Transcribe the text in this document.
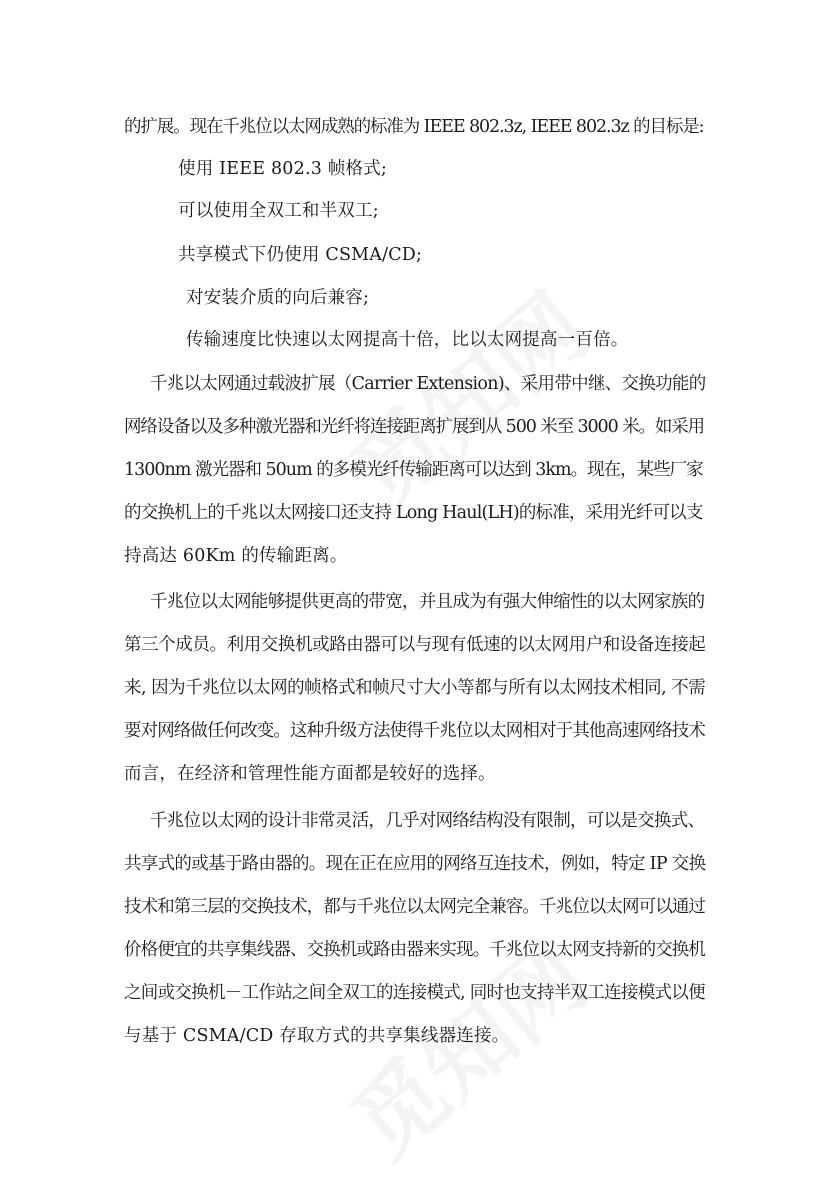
的扩展。现在千兆位以太网成熟的标准为 IEEE 802.3z, IEEE 802.3z 的目标是:

使用 IEEE 802.3 帧格式;

可以使用全双工和半双工;

共享模式下仍使用 CSMA/CD;

对安装介质的向后兼容;

传输速度比快速以太网提高十倍，比以太网提高一百倍。

千兆以太网通过载波扩展（Carrier Extension)、采用带中继、交换功能的

网络设备以及多种激光器和光纤将连接距离扩展到从 500 米至 3000 米。如采用

1300nm 激光器和 50um 的多模光纤传输距离可以达到 3km。现在，某些厂家

的交换机上的千兆以太网接口还支持 Long Haul(LH)的标准，采用光纤可以支

持高达 60Km 的传输距离。

千兆位以太网能够提供更高的带宽，并且成为有强大伸缩性的以太网家族的

第三个成员。利用交换机或路由器可以与现有低速的以太网用户和设备连接起

来, 因为千兆位以太网的帧格式和帧尺寸大小等都与所有以太网技术相同, 不需

要对网络做任何改变。这种升级方法使得千兆位以太网相对于其他高速网络技术

而言，在经济和管理性能方面都是较好的选择。

千兆位以太网的设计非常灵活，几乎对网络结构没有限制，可以是交换式、

共享式的或基于路由器的。现在正在应用的网络互连技术，例如，特定 IP 交换

技术和第三层的交换技术，都与千兆位以太网完全兼容。千兆位以太网可以通过

价格便宜的共享集线器、交换机或路由器来实现。千兆位以太网支持新的交换机

之间或交换机－工作站之间全双工的连接模式, 同时也支持半双工连接模式以便

与基于 CSMA/CD 存取方式的共享集线器连接。
